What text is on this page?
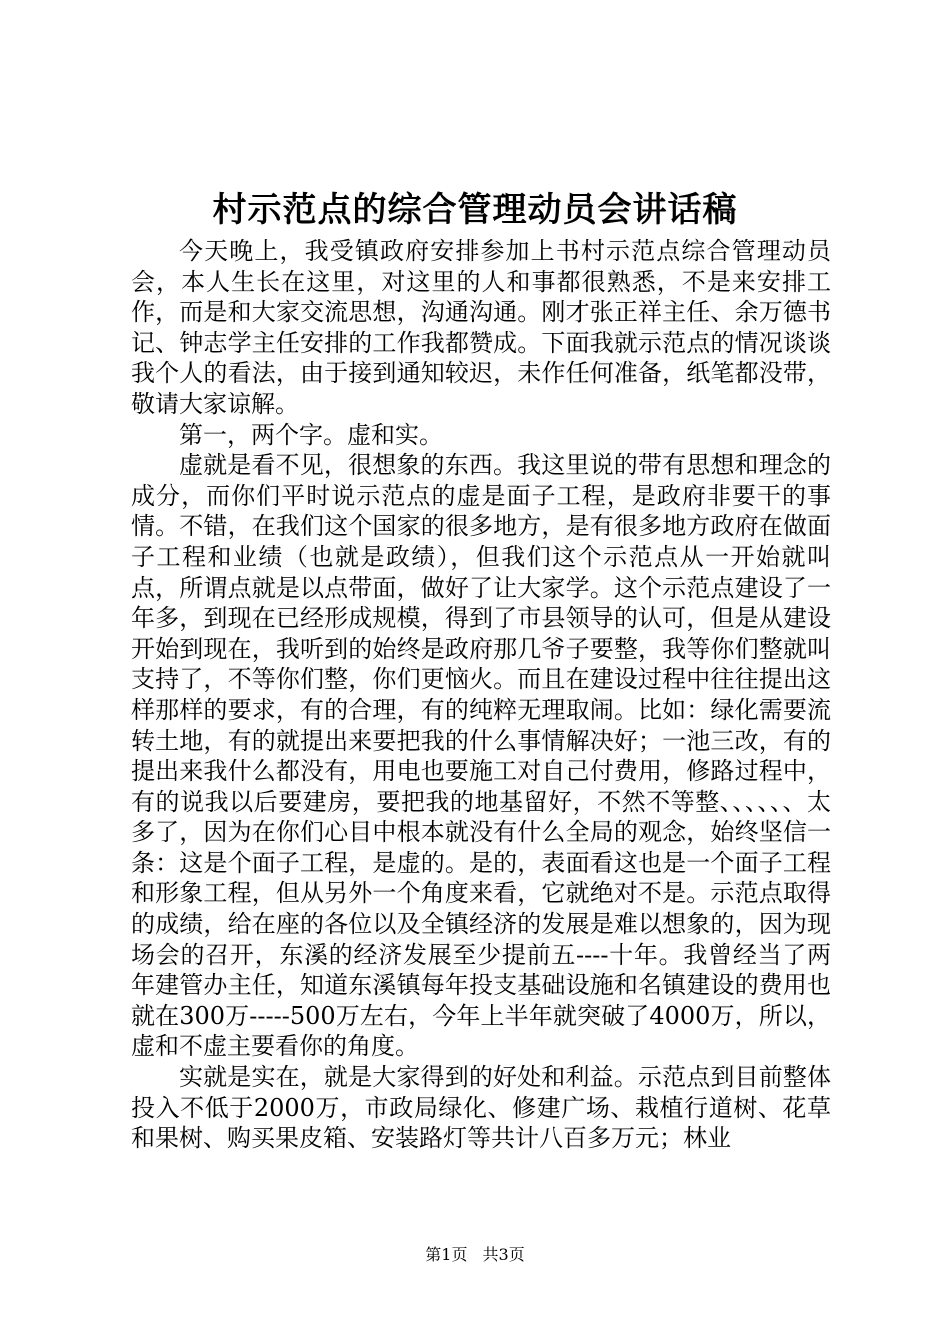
村示范点的综合管理动员会讲话稿

今天晚上，我受镇政府安排参加上书村示范点综合管理动员会，本人生长在这里，对这里的人和事都很熟悉，不是来安排工作，而是和大家交流思想，沟通沟通。刚才张正祥主任、余万德书记、钟志学主任安排的工作我都赞成。下面我就示范点的情况谈谈我个人的看法，由于接到通知较迟，未作任何准备，纸笔都没带，敬请大家谅解。

第一，两个字。虚和实。

虚就是看不见，很想象的东西。我这里说的带有思想和理念的成分，而你们平时说示范点的虚是面子工程，是政府非要干的事情。不错，在我们这个国家的很多地方，是有很多地方政府在做面子工程和业绩（也就是政绩），但我们这个示范点从一开始就叫点，所谓点就是以点带面，做好了让大家学。这个示范点建设了一年多，到现在已经形成规模，得到了市县领导的认可，但是从建设开始到现在，我听到的始终是政府那几爷子要整，我等你们整就叫支持了，不等你们整，你们更恼火。而且在建设过程中往往提出这样那样的要求，有的合理，有的纯粹无理取闹。比如：绿化需要流转土地，有的就提出来要把我的什么事情解决好；一池三改，有的提出来我什么都没有，用电也要施工对自己付费用，修路过程中，有的说我以后要建房，要把我的地基留好，不然不等整、、、、、、太多了，因为在你们心目中根本就没有什么全局的观念，始终坚信一条：这是个面子工程，是虚的。是的，表面看这也是一个面子工程和形象工程，但从另外一个角度来看，它就绝对不是。示范点取得的成绩，给在座的各位以及全镇经济的发展是难以想象的，因为现场会的召开，东溪的经济发展至少提前五----十年。我曾经当了两年建管办主任，知道东溪镇每年投支基础设施和名镇建设的费用也就在300万-----500万左右，今年上半年就突破了4000万，所以，虚和不虚主要看你的角度。

实就是实在，就是大家得到的好处和利益。示范点到目前整体投入不低于2000万，市政局绿化、修建广场、栽植行道树、花草和果树、购买果皮箱、安装路灯等共计八百多万元；林业

第1页 共3页
